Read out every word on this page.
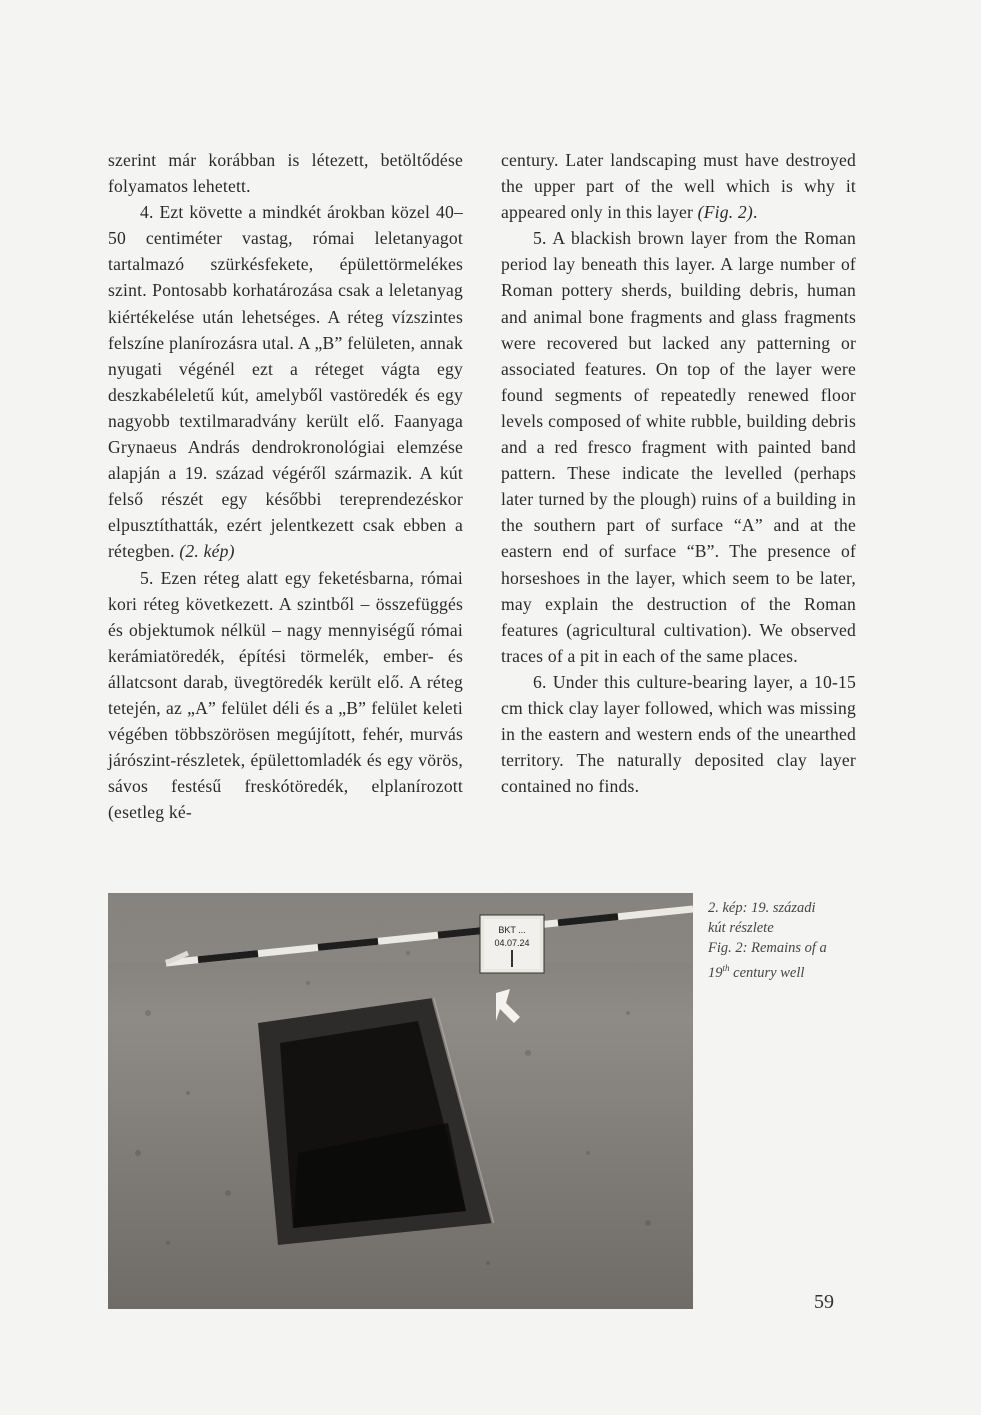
szerint már korábban is létezett, betöltődése folyamatos lehetett.

4. Ezt követte a mindkét árokban közel 40–50 centiméter vastag, római leletanyagot tartalmazó szürkésfekete, épülettörmelékes szint. Pontosabb korhatározása csak a leletanyag kiértékelése után lehetséges. A réteg vízszintes felszíne planírozásra utal. A „B” felületen, annak nyugati végénél ezt a réteget vágta egy deszkabéleletű kút, amelyből vastöredék és egy nagyobb textilmaradvány került elő. Faanyaga Grynaeus András dendrokronológiai elemzése alapján a 19. század végéről származik. A kút felső részét egy későbbi tereprendezéskor elpusztíthatták, ezért jelentkezett csak ebben a rétegben. (2. kép)

5. Ezen réteg alatt egy feketésbarna, római kori réteg következett. A szintből – összefüggés és objektumok nélkül – nagy mennyiségű római kerámiatöredék, építési törmelék, ember- és állatcsont darab, üvegtöredék került elő. A réteg tetején, az „A” felület déli és a „B” felület keleti végében többszörösen megújított, fehér, murvás járószint-részletek, épülettomladék és egy vörös, sávos festésű freskótöredék, elplanírozott (esetleg ké-

century. Later landscaping must have destroyed the upper part of the well which is why it appeared only in this layer (Fig. 2).

5. A blackish brown layer from the Roman period lay beneath this layer. A large number of Roman pottery sherds, building debris, human and animal bone fragments and glass fragments were recovered but lacked any patterning or associated features. On top of the layer were found segments of repeatedly renewed floor levels composed of white rubble, building debris and a red fresco fragment with painted band pattern. These indicate the levelled (perhaps later turned by the plough) ruins of a building in the southern part of surface “A” and at the eastern end of surface “B”. The presence of horseshoes in the layer, which seem to be later, may explain the destruction of the Roman features (agricultural cultivation). We observed traces of a pit in each of the same places.

6. Under this culture-bearing layer, a 10-15 cm thick clay layer followed, which was missing in the eastern and western ends of the unearthed territory. The naturally deposited clay layer contained no finds.

BKT ...
04.07.24
2. kép: 19. századi
kút részlete
Fig. 2: Remains of a
19th century well
59
